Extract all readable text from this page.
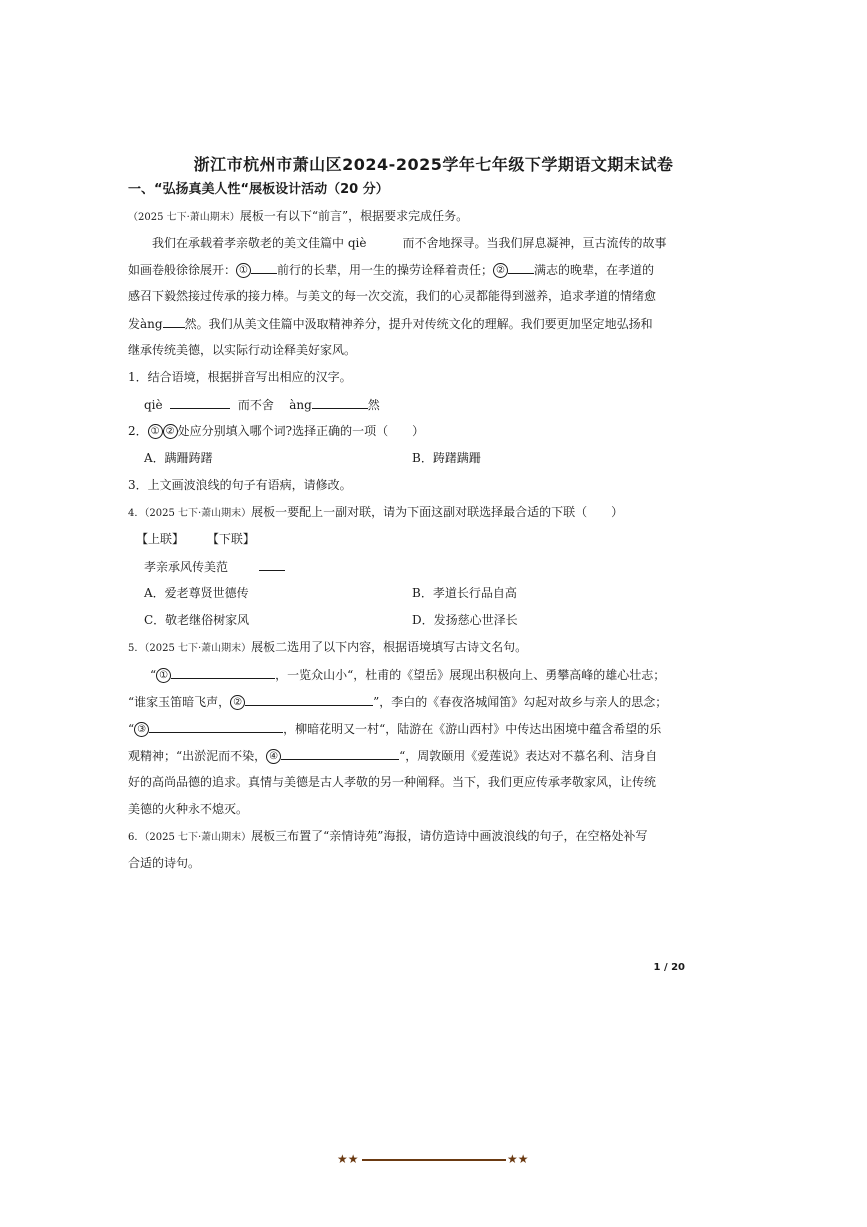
浙江市杭州市萧山区2024-2025学年七年级下学期语文期末试卷
一、“弘扬真美人性“展板设计活动（20 分）
（2025 七下·萧山期末）展板一有以下“前言”，根据要求完成任务。
我们在承载着孝亲敬老的美文佳篇中 qiè	而不舍地探寻。当我们屏息凝神，亘古流传的故事
如画卷般徐徐展开： ① 前行的长辈，用一生的操劳诠释着责任； ② 满志的晚辈，在孝道的
感召下毅然接过传承的接力棒。与美文的每一次交流，我们的心灵都能得到滋养，追求孝道的情绪愈
发àng 然。我们从美文佳篇中汲取精神养分，提升对传统文化的理解。我们要更加坚定地弘扬和
继承传统美德，以实际行动诠释美好家风。
1．结合语境，根据拼音写出相应的汉字。
qiè	而不舍 àng	然
2． ① ② 处应分别填入哪个词?选择正确的一项（　　）
A．蹒跚踌躇	B．踌躇蹒跚
3．上文画波浪线的句子有语病，请修改。
4．（2025 七下·萧山期末）展板一要配上一副对联，请为下面这副对联选择最合适的下联（　　）
【上联】 【下联】
孝亲承风传美范
A．爱老尊贤世德传	B．孝道长行品自高
C．敬老继俗树家风	D．发扬慈心世泽长
5．（2025 七下·萧山期末）展板二选用了以下内容，根据语境填写古诗文名句。
“ ①	，一览众山小“，杜甫的《望岳》展现出积极向上、勇攀高峰的雄心壮志；
“谁家玉笛暗飞声， ②	”，李白的《春夜洛城闻笛》勾起对故乡与亲人的思念；
“ ③	，柳暗花明又一村“，陆游在《游山西村》中传达出困境中蕴含希望的乐
观精神；“出淤泥而不染， ④	“，周敦颐用《爱莲说》表达对不慕名利、洁身自
好的高尚品德的追求。真情与美德是古人孝敬的另一种阐释。当下，我们更应传承孝敬家风，让传统
美德的火种永不熄灭。
6．（2025 七下·萧山期末）展板三布置了“亲情诗苑”海报，请仿造诗中画波浪线的句子，在空格处补写
合适的诗句。
1 / 20
★★	★★
